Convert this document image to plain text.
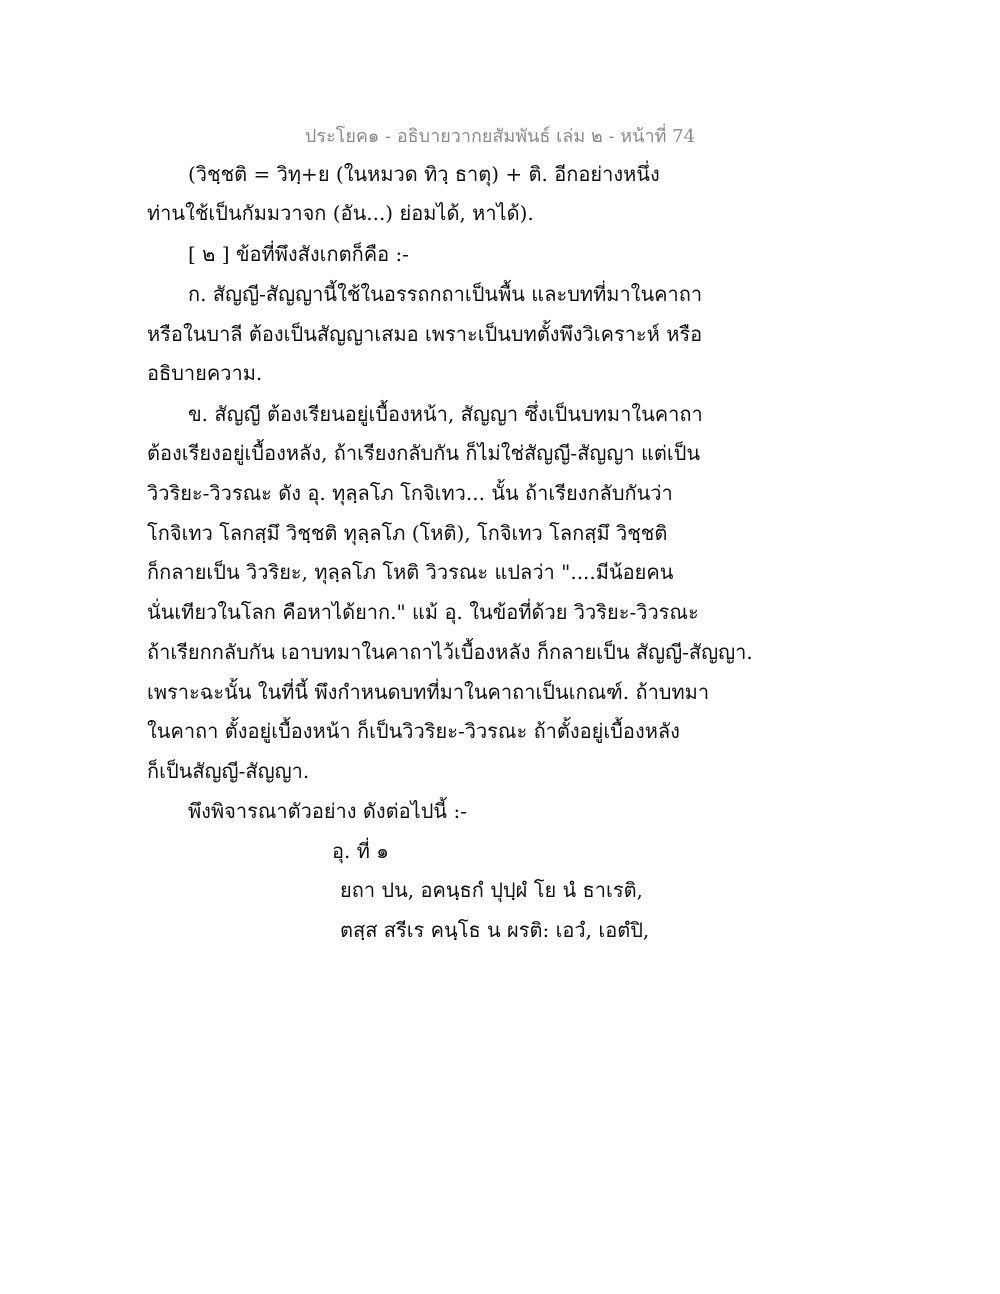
ประโยค๑ - อธิบายวากยสัมพันธ์ เล่ม ๒ - หน้าที่ 74
(วิชฺชติ = วิทฺ+ย (ในหมวด ทิวฺ ธาตุ) + ติ. อีกอย่างหนึ่ง
ท่านใช้เป็นกัมมวาจก (อัน...) ย่อมได้, หาได้).
[ ๒ ] ข้อที่พึงสังเกตก็คือ :-
ก. สัญญี-สัญญานี้ใช้ในอรรถกถาเป็นพื้น และบทที่มาในคาถา
หรือในบาลี ต้องเป็นสัญญาเสมอ เพราะเป็นบทตั้งพึงวิเคราะห์ หรือ
อธิบายความ.
ข. สัญญี ต้องเรียนอยู่เบื้องหน้า, สัญญา ซึ่งเป็นบทมาในคาถา
ต้องเรียงอยู่เบื้องหลัง, ถ้าเรียงกลับกัน ก็ไม่ใช่สัญญี-สัญญา แต่เป็น
วิวริยะ-วิวรณะ ดัง อุ. ทุลฺลโภ โกจิเทว... นั้น ถ้าเรียงกลับกันว่า
โกจิเทว โลกสฺมึ วิชฺชติ ทุลฺลโภ (โหติ), โกจิเทว โลกสฺมึ วิชฺชติ
ก็กลายเป็น วิวริยะ, ทุลฺลโภ โหติ วิวรณะ แปลว่า "....มีน้อยคน
นั่นเทียวในโลก คือหาได้ยาก." แม้ อุ. ในข้อที่ด้วย วิวริยะ-วิวรณะ
ถ้าเรียกกลับกัน เอาบทมาในคาถาไว้เบื้องหลัง ก็กลายเป็น สัญญี-สัญญา.
เพราะฉะนั้น ในที่นี้ พึงกำหนดบทที่มาในคาถาเป็นเกณฑ์. ถ้าบทมา
ในคาถา ตั้งอยู่เบื้องหน้า ก็เป็นวิวริยะ-วิวรณะ ถ้าตั้งอยู่เบื้องหลัง
ก็เป็นสัญญี-สัญญา.
พึงพิจารณาตัวอย่าง ดังต่อไปนี้ :-
อุ. ที่ ๑
ยถา ปน, อคนฺธกํ ปุปฺผํ โย นํ ธาเรติ,
ตสฺส สรีเร คนฺโธ น ผรติ: เอวํ, เอตํปิ,
